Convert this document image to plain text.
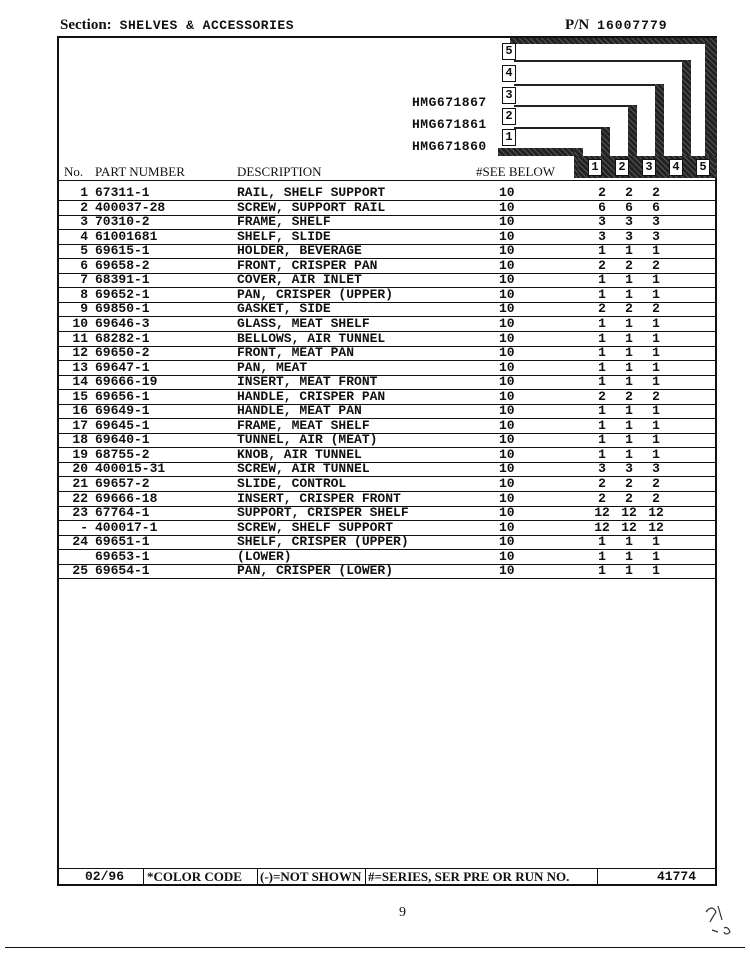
Section: SHELVES & ACCESSORIES	P/N 16007779
5
4
3
2
1
HMG671867
HMG671861
HMG671860
No. PART NUMBER	DESCRIPTION	#SEE BELOW	1 2 3 4 5
1 67311-1	RAIL, SHELF SUPPORT	10	2	2	2
2 400037-28	SCREW, SUPPORT RAIL	10	6	6	6
3 70310-2	FRAME, SHELF	10	3	3	3
4 61001681	SHELF, SLIDE	10	3	3	3
5 69615-1	HOLDER, BEVERAGE	10	1	1	1
6 69658-2	FRONT, CRISPER PAN	10	2	2	2
7 68391-1	COVER, AIR INLET	10	1	1	1
8 69652-1	PAN, CRISPER (UPPER)	10	1	1	1
9 69850-1	GASKET, SIDE	10	2	2	2
10 69646-3	GLASS, MEAT SHELF	10	1	1	1
11 68282-1	BELLOWS, AIR TUNNEL	10	1	1	1
12 69650-2	FRONT, MEAT PAN	10	1	1	1
13 69647-1	PAN, MEAT	10	1	1	1
14 69666-19	INSERT, MEAT FRONT	10	1	1	1
15 69656-1	HANDLE, CRISPER PAN	10	2	2	2
16 69649-1	HANDLE, MEAT PAN	10	1	1	1
17 69645-1	FRAME, MEAT SHELF	10	1	1	1
18 69640-1	TUNNEL, AIR (MEAT)	10	1	1	1
19 68755-2	KNOB, AIR TUNNEL	10	1	1	1
20 400015-31	SCREW, AIR TUNNEL	10	3	3	3
21 69657-2	SLIDE, CONTROL	10	2	2	2
22 69666-18	INSERT, CRISPER FRONT	10	2	2	2
23 67764-1	SUPPORT, CRISPER SHELF	10	12 12 12
- 400017-1	SCREW, SHELF SUPPORT	10	12 12 12
24 69651-1	SHELF, CRISPER (UPPER)	10	1	1	1
69653-1	(LOWER)	10	1	1	1
25 69654-1	PAN, CRISPER (LOWER)	10	1	1	1
02/96 *COLOR CODE (-)=NOT SHOWN #=SERIES, SER PRE OR RUN NO.	41774
9
